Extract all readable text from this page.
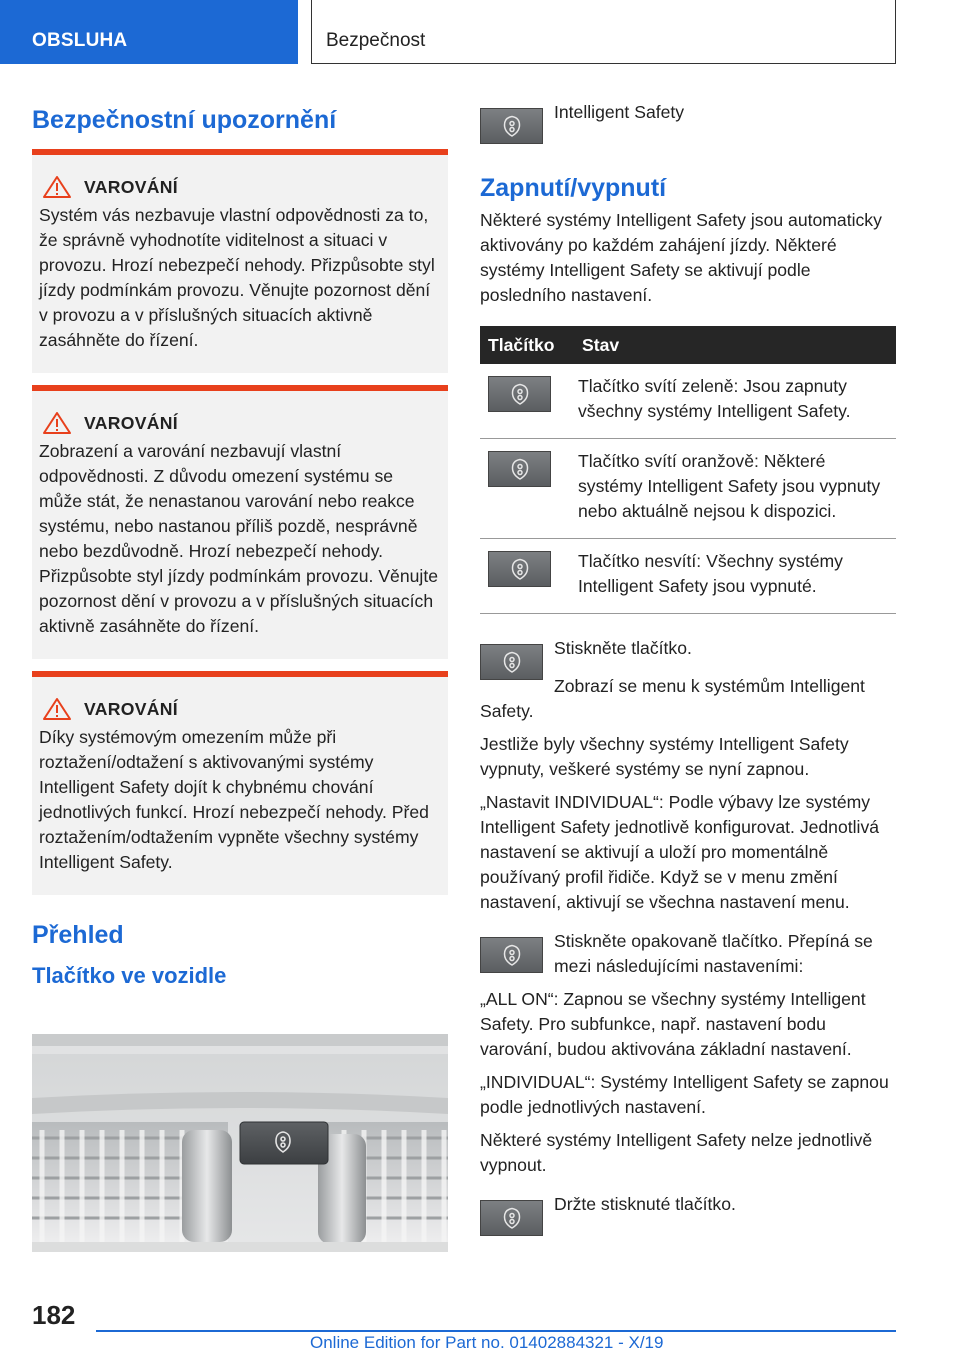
OBSLUHA	Bezpečnost
Bezpečnostní upozornění
VAROVÁNÍ
Systém vás nezbavuje vlastní odpovědnosti za to, že správně vyhodnotíte viditelnost a situaci v provozu. Hrozí nebezpečí nehody. Přizpůsobte styl jízdy podmínkám provozu. Věnujte pozornost dění v provozu a v příslušných situacích aktivně zasáhněte do řízení.
VAROVÁNÍ
Zobrazení a varování nezbavují vlastní odpovědnosti. Z důvodu omezení systému se může stát, že nenastanou varování nebo reakce systému, nebo nastanou příliš pozdě, nesprávně nebo bezdůvodně. Hrozí nebezpečí nehody. Přizpůsobte styl jízdy podmínkám provozu. Věnujte pozornost dění v provozu a v příslušných situacích aktivně zasáhněte do řízení.
VAROVÁNÍ
Díky systémovým omezením může při roztažení/odtažení s aktivovanými systémy Intelligent Safety dojít k chybnému chování jednotlivých funkcí. Hrozí nebezpečí nehody. Před roztažením/odtažením vypněte všechny systémy Intelligent Safety.
Přehled
Tlačítko ve vozidle
Intelligent Safety
Zapnutí/vypnutí
Některé systémy Intelligent Safety jsou automaticky aktivovány po každém zahájení jízdy. Některé systémy Intelligent Safety se aktivují podle posledního nastavení.
Tlačítko	Stav

	Tlačítko svítí zeleně: Jsou zapnuty všechny systémy Intelligent Safety.

	Tlačítko svítí oranžově: Některé systémy Intelligent Safety jsou vypnuty nebo aktuálně nejsou k dispozici.

	Tlačítko nesvítí: Všechny systémy Intelligent Safety jsou vypnuté.
Stiskněte tlačítko.
Zobrazí se menu k systémům Intelligent Safety.
Jestliže byly všechny systémy Intelligent Safety vypnuty, veškeré systémy se nyní zapnou.
„Nastavit INDIVIDUAL“: Podle výbavy lze systémy Intelligent Safety jednotlivě konfigurovat. Jednotlivá nastavení se aktivují a uloží pro momentálně používaný profil řidiče. Když se v menu změní nastavení, aktivují se všechna nastavení menu.
Stiskněte opakovaně tlačítko. Přepíná se mezi následujícími nastaveními:
„ALL ON“: Zapnou se všechny systémy Intelligent Safety. Pro subfunkce, např. nastavení bodu varování, budou aktivována základní nastavení.
„INDIVIDUAL“: Systémy Intelligent Safety se zapnou podle jednotlivých nastavení.
Některé systémy Intelligent Safety nelze jednotlivě vypnout.
Držte stisknuté tlačítko.
182
Online Edition for Part no. 01402884321 - X/19
